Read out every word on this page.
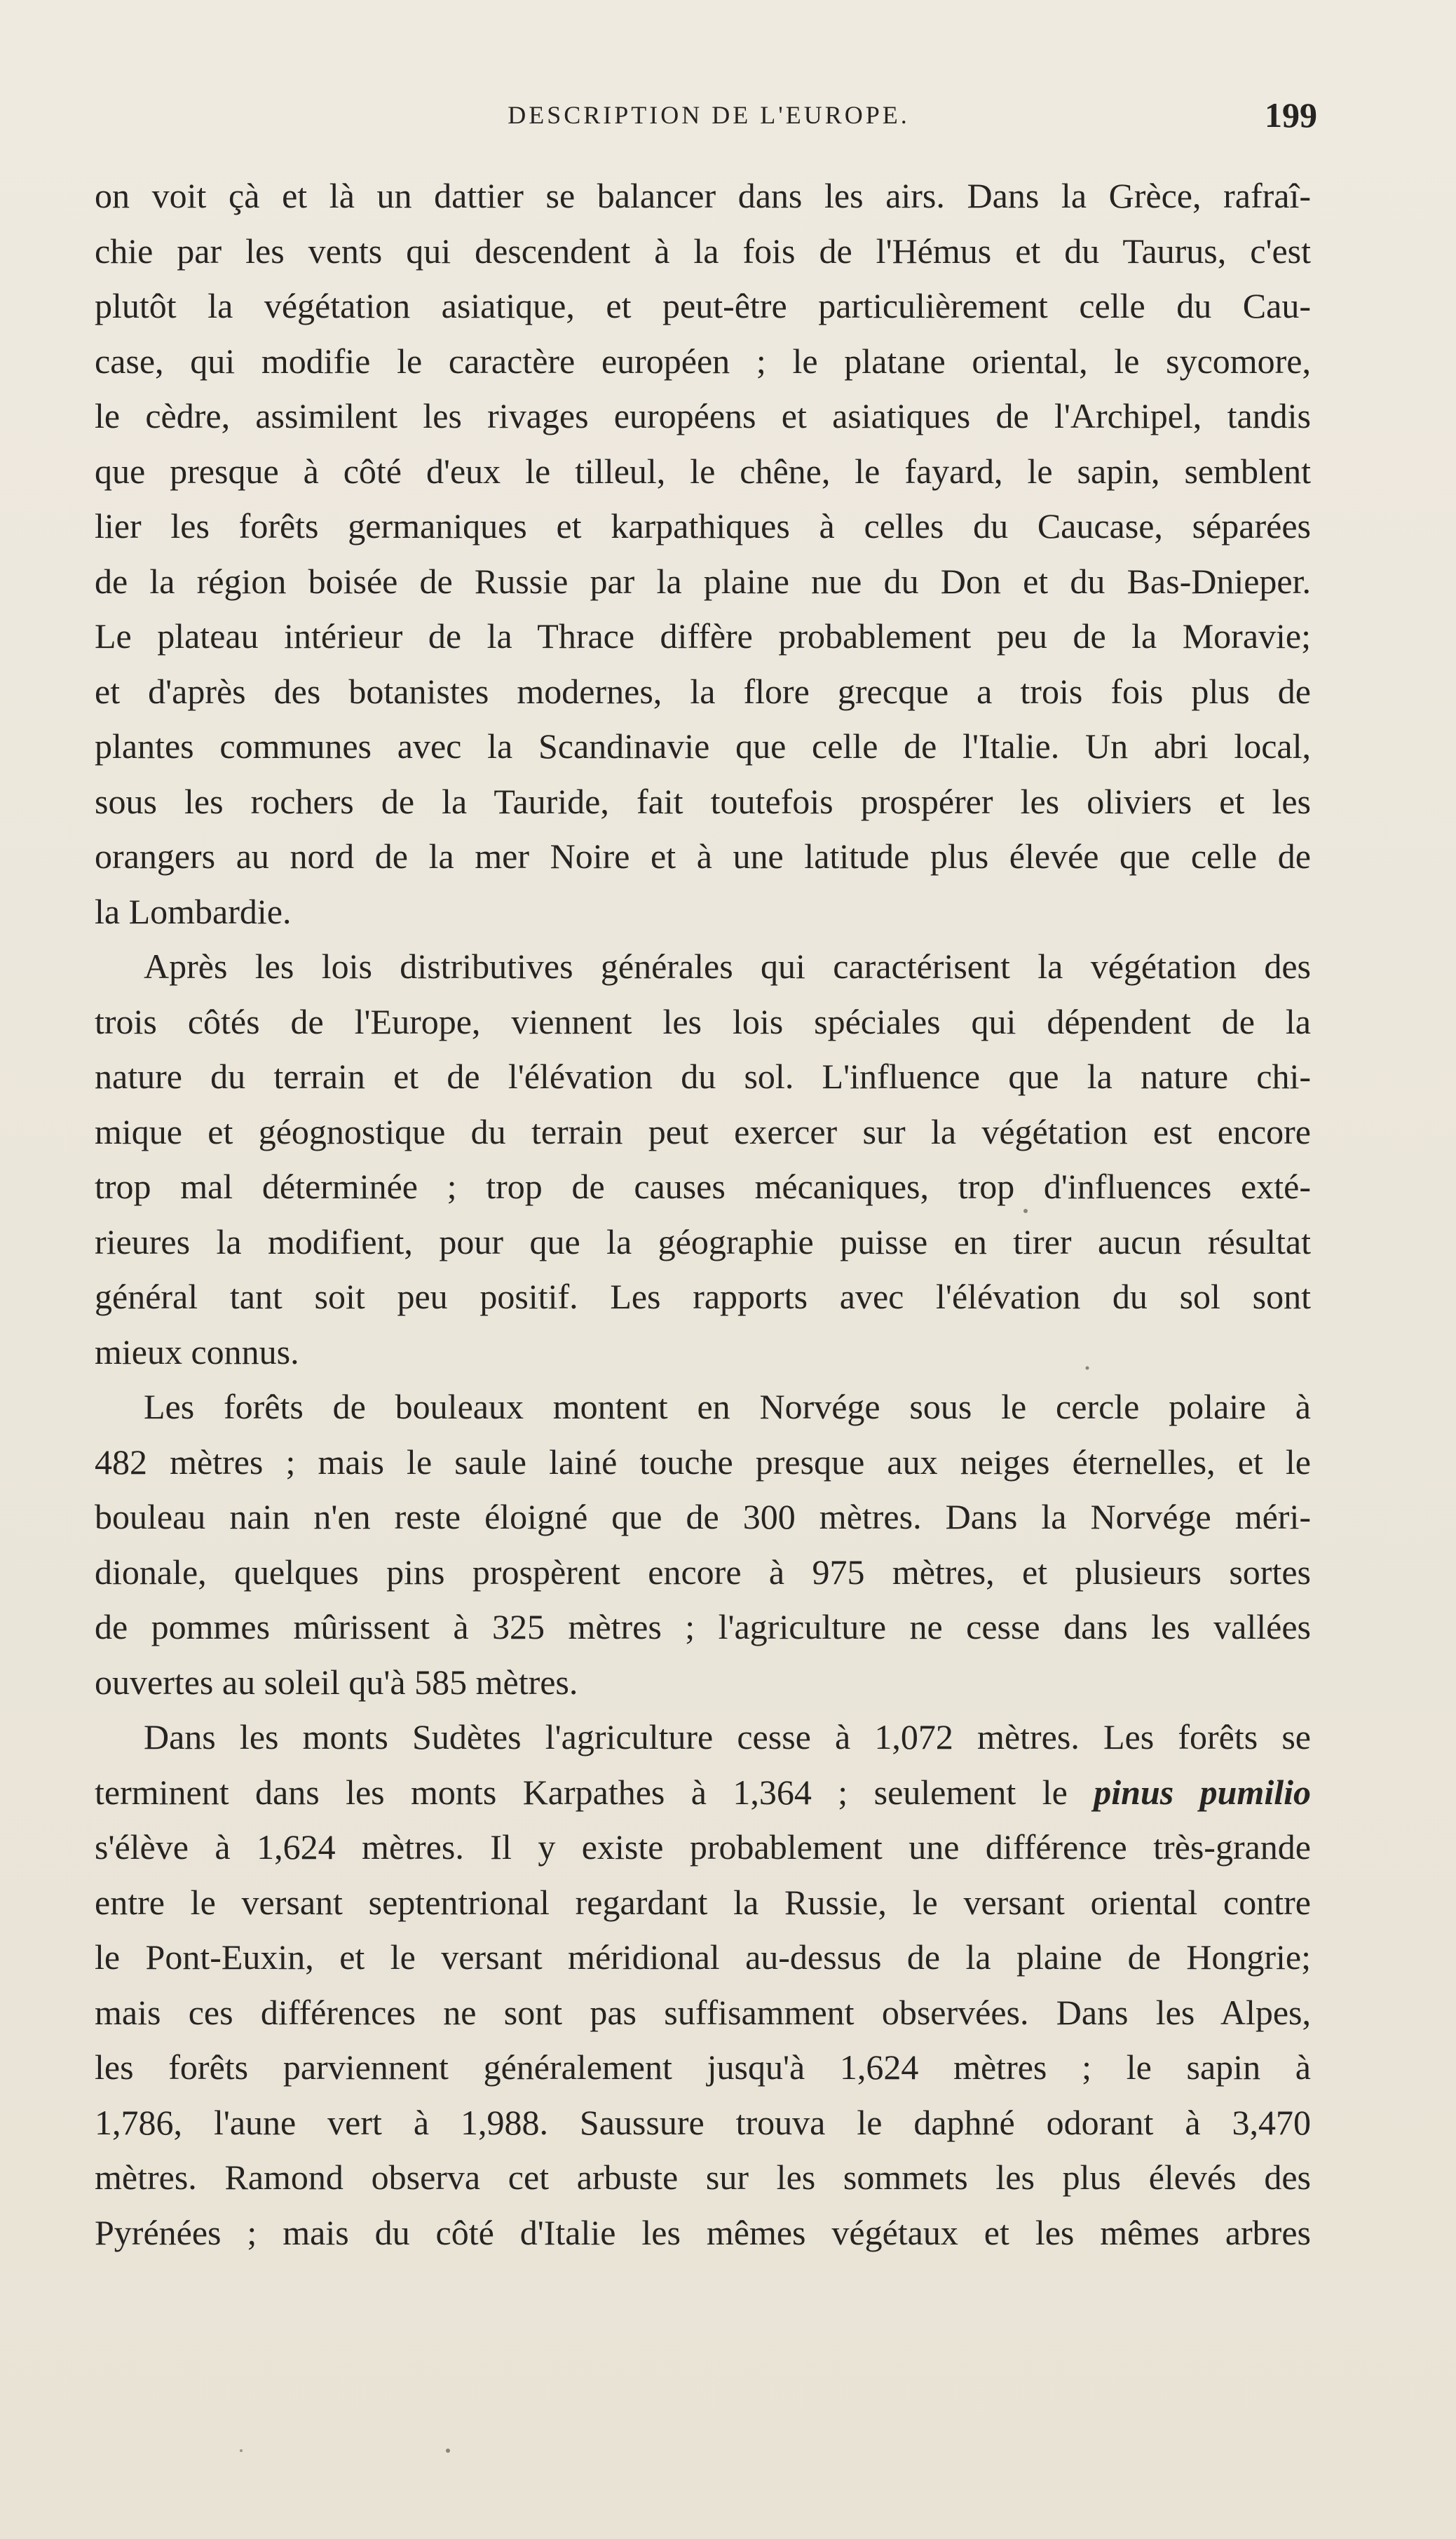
DESCRIPTION DE L'EUROPE.	199
on voit çà et là un dattier se balancer dans les airs. Dans la Grèce, rafraî-
chie par les vents qui descendent à la fois de l'Hémus et du Taurus, c'est
plutôt la végétation asiatique, et peut-être particulièrement celle du Cau-
case, qui modifie le caractère européen ; le platane oriental, le sycomore,
le cèdre, assimilent les rivages européens et asiatiques de l'Archipel, tandis
que presque à côté d'eux le tilleul, le chêne, le fayard, le sapin, semblent
lier les forêts germaniques et karpathiques à celles du Caucase, séparées
de la région boisée de Russie par la plaine nue du Don et du Bas-Dnieper.
Le plateau intérieur de la Thrace diffère probablement peu de la Moravie;
et d'après des botanistes modernes, la flore grecque a trois fois plus de
plantes communes avec la Scandinavie que celle de l'Italie. Un abri local,
sous les rochers de la Tauride, fait toutefois prospérer les oliviers et les
orangers au nord de la mer Noire et à une latitude plus élevée que celle de
la Lombardie.
Après les lois distributives générales qui caractérisent la végétation des
trois côtés de l'Europe, viennent les lois spéciales qui dépendent de la
nature du terrain et de l'élévation du sol. L'influence que la nature chi-
mique et géognostique du terrain peut exercer sur la végétation est encore
trop mal déterminée ; trop de causes mécaniques, trop d'influences exté-
rieures la modifient, pour que la géographie puisse en tirer aucun résultat
général tant soit peu positif. Les rapports avec l'élévation du sol sont
mieux connus.
Les forêts de bouleaux montent en Norvége sous le cercle polaire à
482 mètres ; mais le saule lainé touche presque aux neiges éternelles, et le
bouleau nain n'en reste éloigné que de 300 mètres. Dans la Norvége méri-
dionale, quelques pins prospèrent encore à 975 mètres, et plusieurs sortes
de pommes mûrissent à 325 mètres ; l'agriculture ne cesse dans les vallées
ouvertes au soleil qu'à 585 mètres.
Dans les monts Sudètes l'agriculture cesse à 1,072 mètres. Les forêts se
terminent dans les monts Karpathes à 1,364 ; seulement le pinus pumilio
s'élève à 1,624 mètres. Il y existe probablement une différence très-grande
entre le versant septentrional regardant la Russie, le versant oriental contre
le Pont-Euxin, et le versant méridional au-dessus de la plaine de Hongrie;
mais ces différences ne sont pas suffisamment observées. Dans les Alpes,
les forêts parviennent généralement jusqu'à 1,624 mètres ; le sapin à
1,786, l'aune vert à 1,988. Saussure trouva le daphné odorant à 3,470
mètres. Ramond observa cet arbuste sur les sommets les plus élevés des
Pyrénées ; mais du côté d'Italie les mêmes végétaux et les mêmes arbres
